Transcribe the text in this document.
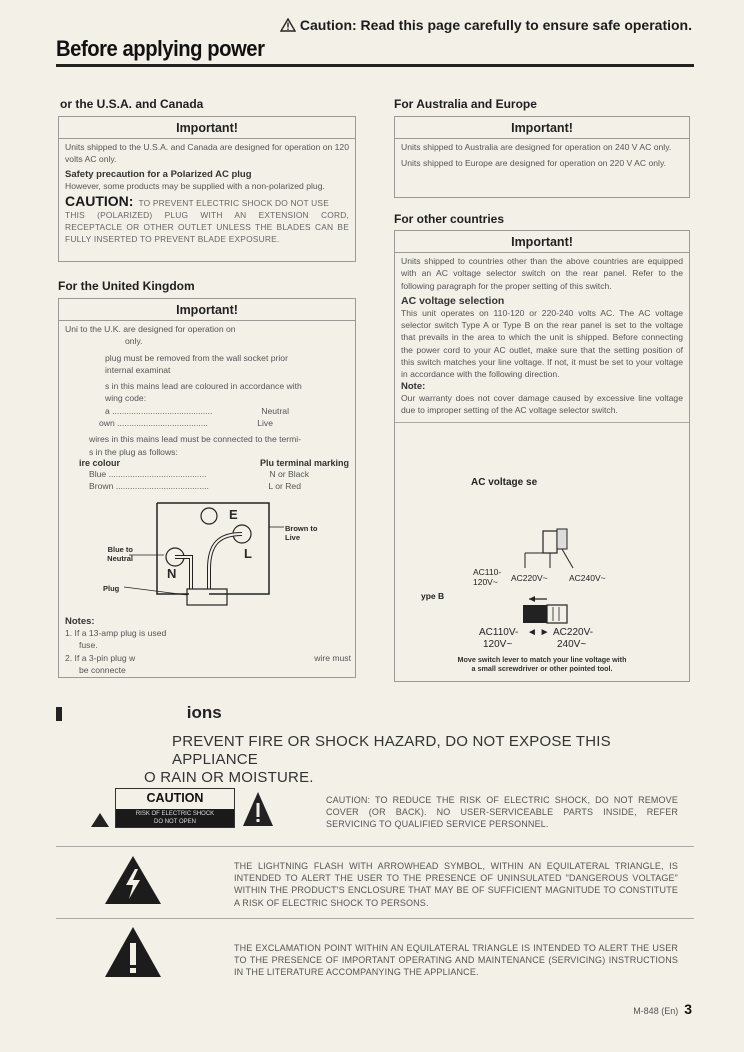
Caution: Read this page carefully to ensure safe operation.
Before applying power
or the U.S.A. and Canada
Important!
Units shipped to the U.S.A. and Canada are designed for operation on 120 volts AC only.
Safety precaution for a Polarized AC plug
However, some products may be supplied with a non-polarized plug.
CAUTION: TO PREVENT ELECTRIC SHOCK DO NOT USE
THIS (POLARIZED) PLUG WITH AN EXTENSION CORD, RECEPTACLE OR OTHER OUTLET UNLESS THE BLADES CAN BE FULLY INSERTED TO PREVENT BLADE EXPOSURE.
For the United Kingdom
Important!
Uni to the U.K. are designed for operation on
only.
plug must be removed from the wall socket prior
internal examinat
s in this mains lead are coloured in accordance with
wing code:
a ..........................................	Neutral
own ......................................	Live
wires in this mains lead must be connected to the termi-
s in the plug as follows:
ire colour	Plu terminal marking
Blue .........................................	N or Black
Brown .......................................	L or Red
E
N
L
Blue to Neutral
Brown to Live
Plug
Notes:
1. If a 13-amp plug is used
fuse.
2. If a 3-pin plug w	wire must
be connecte
For Australia and Europe
Important!
Units shipped to Australia are designed for operation on 240 V AC only.
Units shipped to Europe are designed for operation on 220 V AC only.
For other countries
Important!
Units shipped to countries other than the above countries are equipped with an AC voltage selector switch on the rear panel. Refer to the following paragraph for the proper setting of this switch.
AC voltage selection
This unit operates on 110-120 or 220-240 volts AC. The AC voltage selector switch Type A or Type B on the rear panel is set to the voltage that prevails in the area to which the unit is shipped. Before connecting the power cord to your AC outlet, make sure that the setting position of this switch matches your line voltage. If not, it must be set to your voltage in accordance with the following direction.
Note:
Our warranty does not cover damage caused by excessive line voltage due to improper setting of the AC voltage selector switch.
AC voltage se
AC110-
120V~	AC220V~	AC240V~
ype B
AC110V-
120V~
◄ ► AC220V-
240V~
Move switch lever to match your line voltage with
a small screwdriver or other pointed tool.
ions
PREVENT FIRE OR SHOCK HAZARD, DO NOT EXPOSE THIS APPLIANCE
O RAIN OR MOISTURE.
CAUTION
RISK OF ELECTRIC SHOCK
DO NOT OPEN
CAUTION: TO REDUCE THE RISK OF ELECTRIC SHOCK, DO NOT REMOVE COVER (OR BACK). NO USER-SERVICEABLE PARTS INSIDE, REFER SERVICING TO QUALIFIED SERVICE PERSONNEL.
THE LIGHTNING FLASH WITH ARROWHEAD SYMBOL, WITHIN AN EQUILATERAL TRIANGLE, IS INTENDED TO ALERT THE USER TO THE PRESENCE OF UNINSULATED "DANGEROUS VOLTAGE" WITHIN THE PRODUCT'S ENCLOSURE THAT MAY BE OF SUFFICIENT MAGNITUDE TO CONSTITUTE A RISK OF ELECTRIC SHOCK TO PERSONS.
THE EXCLAMATION POINT WITHIN AN EQUILATERAL TRIANGLE IS INTENDED TO ALERT THE USER TO THE PRESENCE OF IMPORTANT OPERATING AND MAINTENANCE (SERVICING) INSTRUCTIONS IN THE LITERATURE ACCOMPANYING THE APPLIANCE.
M-848 (En) 3
